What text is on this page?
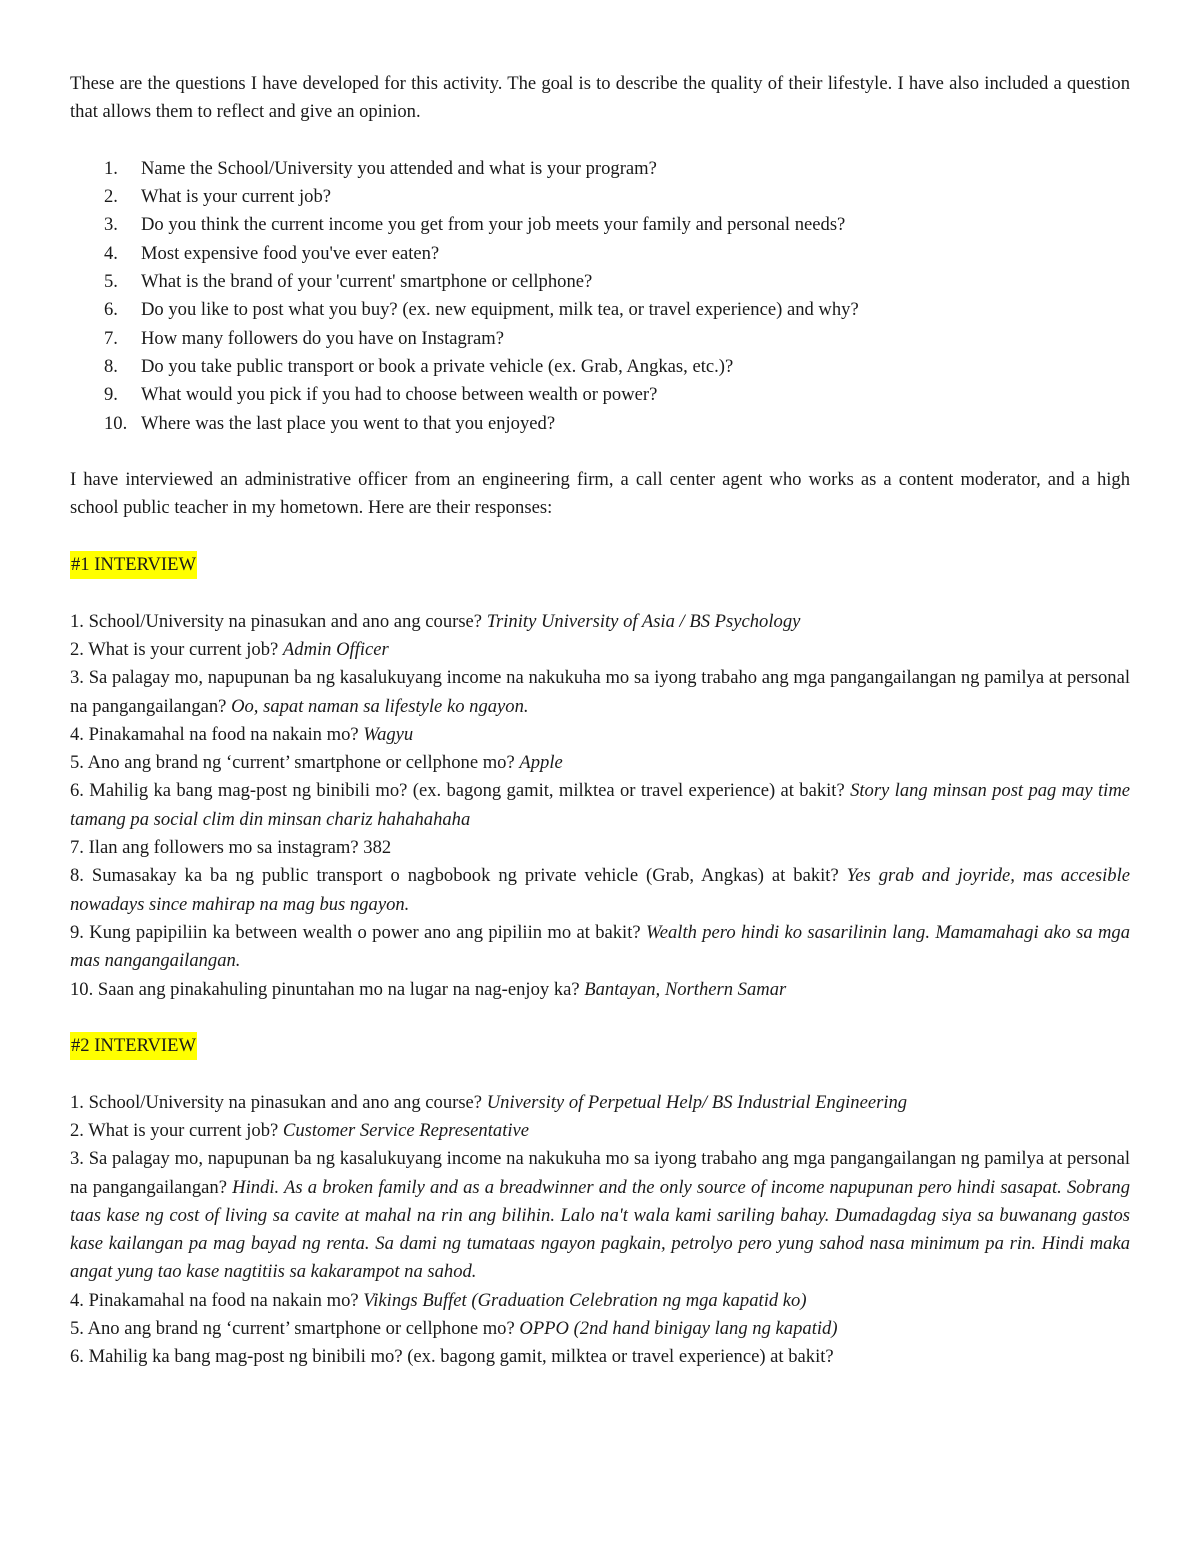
These are the questions I have developed for this activity. The goal is to describe the quality of their lifestyle. I have also included a question that allows them to reflect and give an opinion.

1.	Name the School/University you attended and what is your program?
2.	What is your current job?
3.	Do you think the current income you get from your job meets your family and personal needs?
4.	Most expensive food you've ever eaten?
5.	What is the brand of your 'current' smartphone or cellphone?
6.	Do you like to post what you buy? (ex. new equipment, milk tea, or travel experience) and why?
7.	How many followers do you have on Instagram?
8.	Do you take public transport or book a private vehicle (ex. Grab, Angkas, etc.)?
9.	What would you pick if you had to choose between wealth or power?
10. Where was the last place you went to that you enjoyed?

I have interviewed an administrative officer from an engineering firm, a call center agent who works as a content moderator, and a high school public teacher in my hometown. Here are their responses:

#1 INTERVIEW

1. School/University na pinasukan and ano ang course? Trinity University of Asia / BS Psychology

2. What is your current job? Admin Officer

3. Sa palagay mo, napupunan ba ng kasalukuyang income na nakukuha mo sa iyong trabaho ang mga pangangailangan ng pamilya at personal na pangangailangan? Oo, sapat naman sa lifestyle ko ngayon.

4. Pinakamahal na food na nakain mo? Wagyu

5. Ano ang brand ng ‘current’ smartphone or cellphone mo? Apple

6. Mahilig ka bang mag-post ng binibili mo? (ex. bagong gamit, milktea or travel experience) at bakit? Story lang minsan post pag may time tamang pa social clim din minsan chariz hahahahaha

7. Ilan ang followers mo sa instagram? 382

8. Sumasakay ka ba ng public transport o nagbobook ng private vehicle (Grab, Angkas) at bakit? Yes grab and joyride, mas accesible nowadays since mahirap na mag bus ngayon.

9. Kung papipiliin ka between wealth o power ano ang pipiliin mo at bakit? Wealth pero hindi ko sasarilinin lang. Mamamahagi ako sa mga mas nangangailangan.

10. Saan ang pinakahuling pinuntahan mo na lugar na nag-enjoy ka? Bantayan, Northern Samar

#2 INTERVIEW

1. School/University na pinasukan and ano ang course? University of Perpetual Help/ BS Industrial Engineering

2. What is your current job? Customer Service Representative

3. Sa palagay mo, napupunan ba ng kasalukuyang income na nakukuha mo sa iyong trabaho ang mga pangangailangan ng pamilya at personal na pangangailangan? Hindi. As a broken family and as a breadwinner and the only source of income napupunan pero hindi sasapat. Sobrang taas kase ng cost of living sa cavite at mahal na rin ang bilihin. Lalo na't wala kami sariling bahay. Dumadagdag siya sa buwanang gastos kase kailangan pa mag bayad ng renta. Sa dami ng tumataas ngayon pagkain, petrolyo pero yung sahod nasa minimum pa rin. Hindi maka angat yung tao kase nagtitiis sa kakarampot na sahod.

4. Pinakamahal na food na nakain mo? Vikings Buffet (Graduation Celebration ng mga kapatid ko)

5. Ano ang brand ng ‘current’ smartphone or cellphone mo? OPPO (2nd hand binigay lang ng kapatid)

6. Mahilig ka bang mag-post ng binibili mo? (ex. bagong gamit, milktea or travel experience) at bakit?
